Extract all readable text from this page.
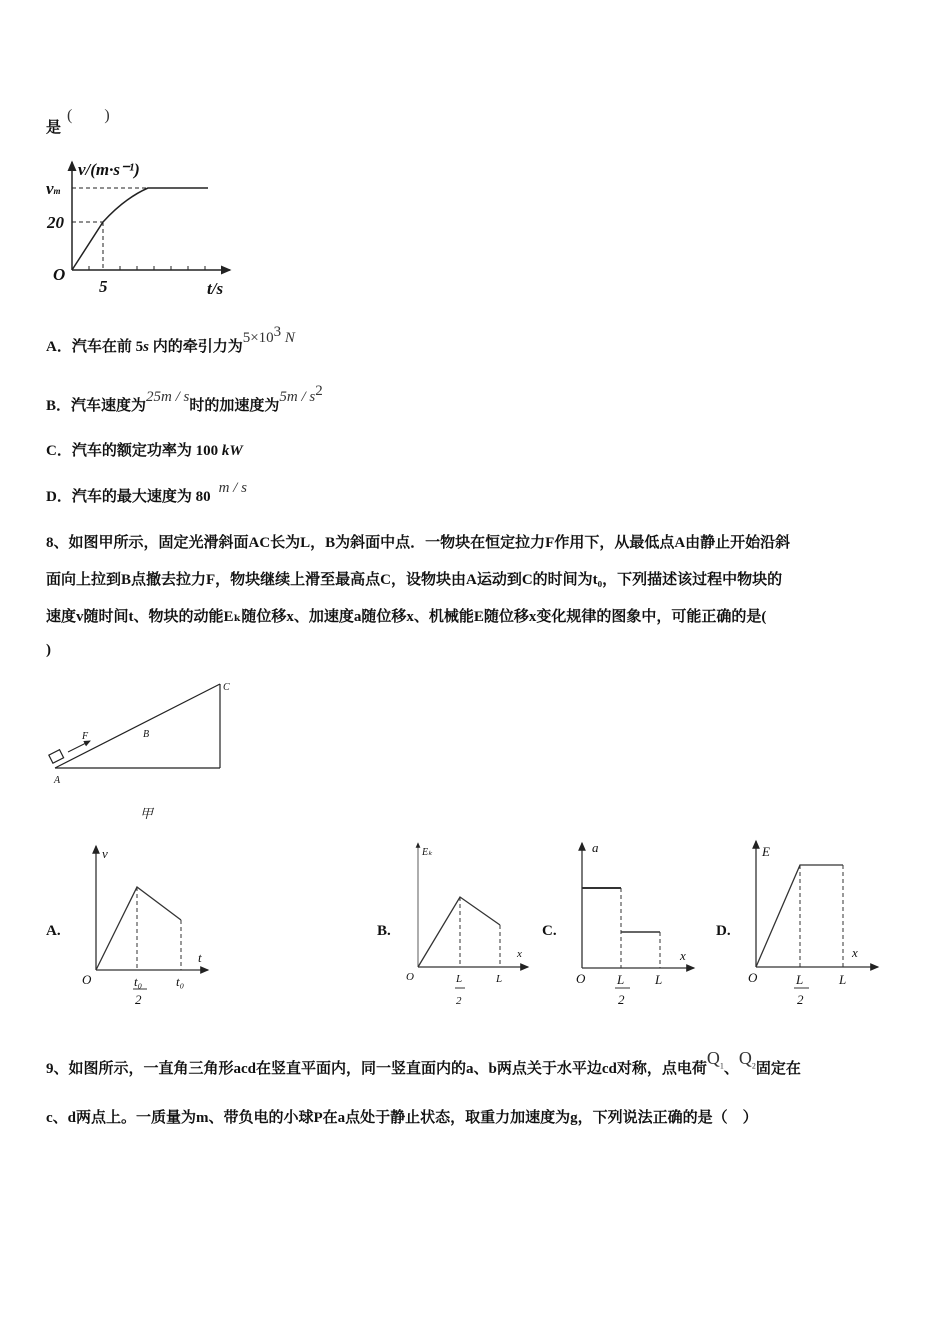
是(　　)
v/(m·s⁻¹)
vm
20
O
5	t/s
A
B
C
F
甲
v
t
O	t₀
2
t₀
Eₖ
x
O	L
2
L
a
x
O L
2
L
E
x
O	L
2
L
A．汽车在前 5s 内的牵引力为$5\times 10^3$ N
B．汽车速度为25m / s时的加速度为$5m / s^2$
C．汽车的额定功率为 100 kW
D．汽车的最大速度为 80m / s
8、如图甲所示，固定光滑斜面AC长为L，B为斜面中点．一物块在恒定拉力F作用下，从最低点A由静止开始沿斜
面向上拉到B点撤去拉力F，物块继续上滑至最高点C，设物块由A运动到C的时间为t₀，下列描述该过程中物块的
速度v随时间t、物块的动能Eₖ随位移x、加速度a随位移x、机械能E随位移x变化规律的图象中，可能正确的是(
)
A.	B.	C.	D.
9、如图所示，一直角三角形acd在竖直平面内，同一竖直面内的a、b两点关于水平边cd对称，点电荷$Q_1$、$Q_2$固定在
c、d两点上。一质量为m、带负电的小球P在a点处于静止状态，取重力加速度为g，下列说法正确的是（　）
